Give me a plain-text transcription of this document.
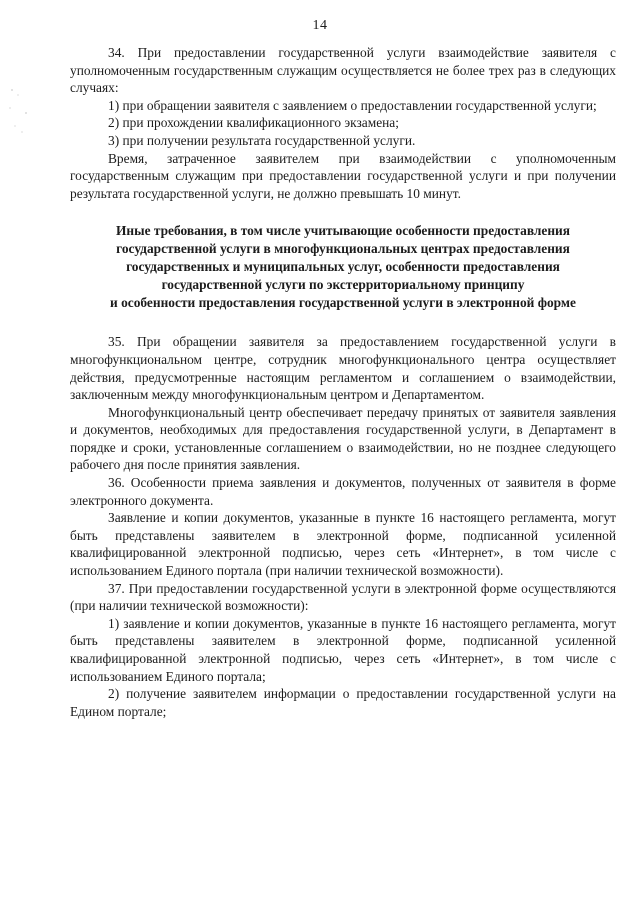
14

34. При предоставлении государственной услуги взаимодействие заявителя с уполномоченным государственным служащим осуществляется не более трех раз в следующих случаях:

1) при обращении заявителя с заявлением о предоставлении государственной услуги;

2) при прохождении квалификационного экзамена;

3) при получении результата государственной услуги.

Время, затраченное заявителем при взаимодействии с уполномоченным государственным служащим при предоставлении государственной услуги и при получении результата государственной услуги, не должно превышать 10 минут.

Иные требования, в том числе учитывающие особенности предоставления
государственной услуги в многофункциональных центрах предоставления
государственных и муниципальных услуг, особенности предоставления
государственной услуги по экстерриториальному принципу
и особенности предоставления государственной услуги в электронной форме

35. При обращении заявителя за предоставлением государственной услуги в многофункциональном центре, сотрудник многофункционального центра осуществляет действия, предусмотренные настоящим регламентом и соглашением о взаимодействии, заключенным между многофункциональным центром и Департаментом.

Многофункциональный центр обеспечивает передачу принятых от заявителя заявления и документов, необходимых для предоставления государственной услуги, в Департамент в порядке и сроки, установленные соглашением о взаимодействии, но не позднее следующего рабочего дня после принятия заявления.

36. Особенности приема заявления и документов, полученных от заявителя в форме электронного документа.

Заявление и копии документов, указанные в пункте 16 настоящего регламента, могут быть представлены заявителем в электронной форме, подписанной усиленной квалифицированной электронной подписью, через сеть «Интернет», в том числе с использованием Единого портала (при наличии технической возможности).

37. При предоставлении государственной услуги в электронной форме осуществляются (при наличии технической возможности):

1) заявление и копии документов, указанные в пункте 16 настоящего регламента, могут быть представлены заявителем в электронной форме, подписанной усиленной квалифицированной электронной подписью, через сеть «Интернет», в том числе с использованием Единого портала;

2) получение заявителем информации о предоставлении государственной услуги на Едином портале;
